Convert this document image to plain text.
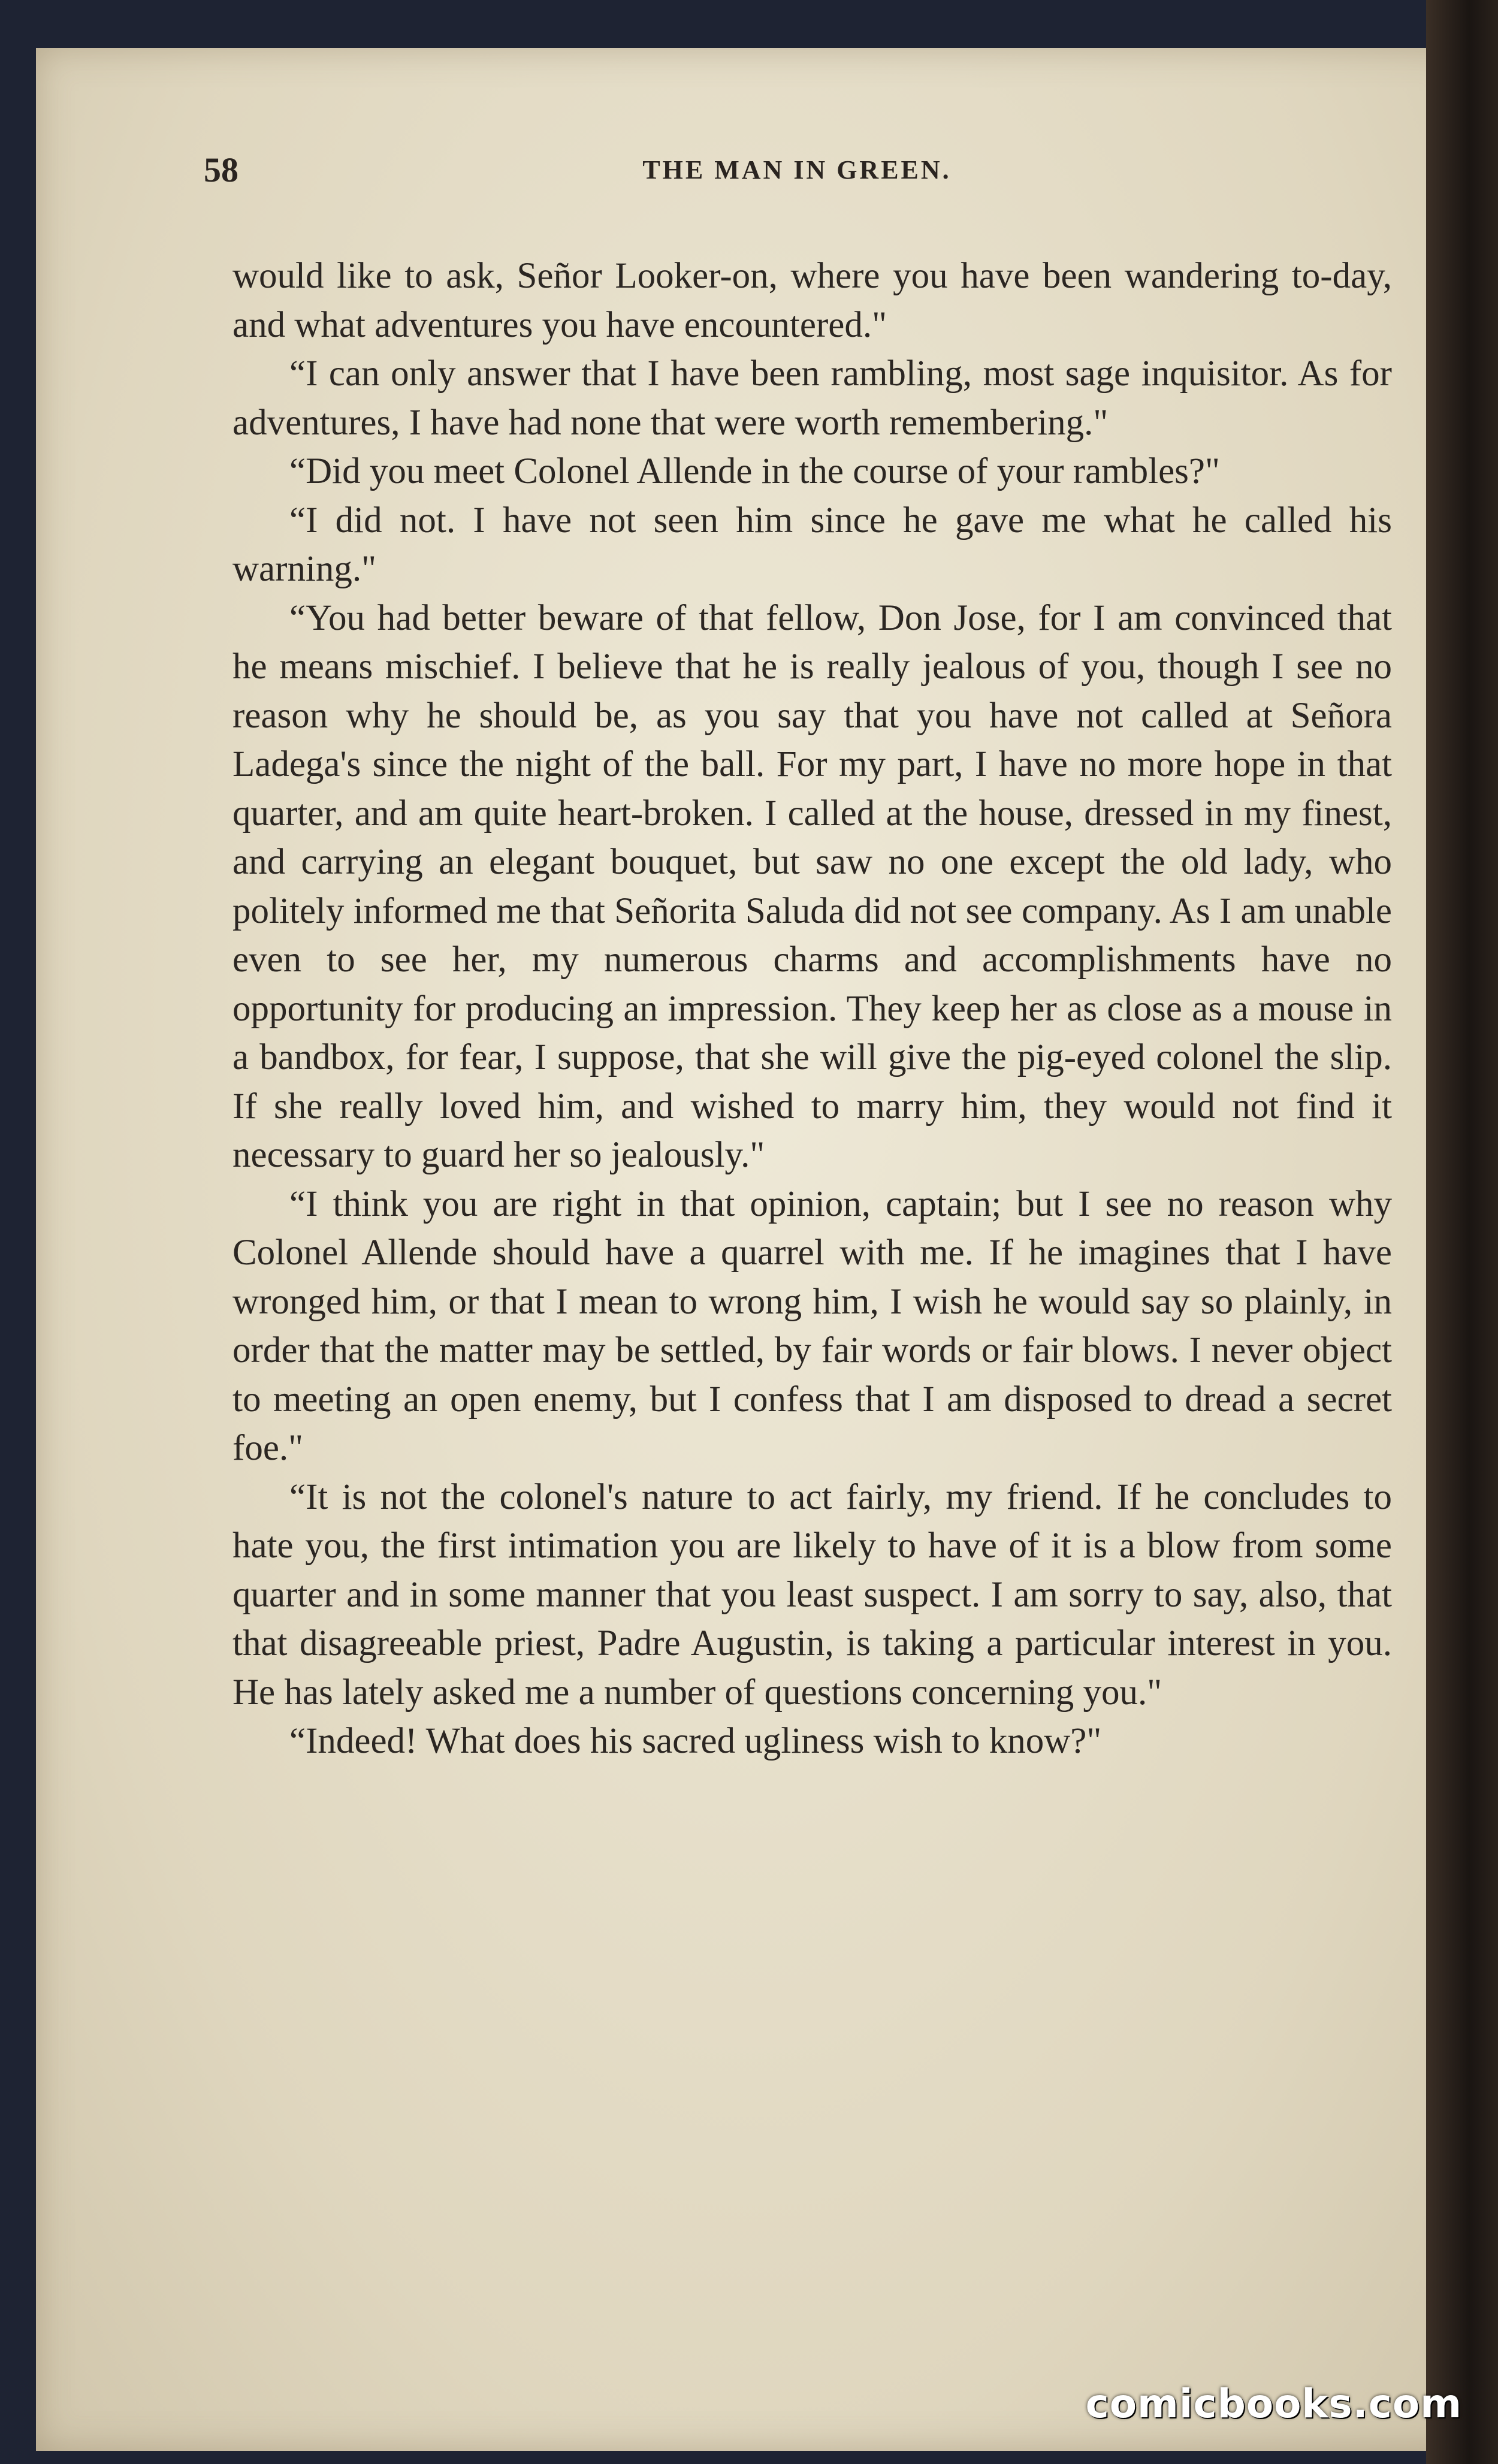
58	THE MAN IN GREEN.

would like to ask, Señor Looker-on, where you have been wandering to-day, and what adventures you have encountered."

“I can only answer that I have been rambling, most sage inquisitor. As for adventures, I have had none that were worth remembering."

“Did you meet Colonel Allende in the course of your rambles?"

“I did not. I have not seen him since he gave me what he called his warning."

“You had better beware of that fellow, Don Jose, for I am convinced that he means mischief. I believe that he is really jealous of you, though I see no reason why he should be, as you say that you have not called at Señora Ladega's since the night of the ball. For my part, I have no more hope in that quarter, and am quite heart-broken. I called at the house, dressed in my finest, and carrying an elegant bouquet, but saw no one except the old lady, who politely informed me that Señorita Saluda did not see company. As I am unable even to see her, my numerous charms and accomplishments have no opportunity for producing an impression. They keep her as close as a mouse in a bandbox, for fear, I suppose, that she will give the pig-eyed colonel the slip. If she really loved him, and wished to marry him, they would not find it necessary to guard her so jealously."

“I think you are right in that opinion, captain; but I see no reason why Colonel Allende should have a quarrel with me. If he imagines that I have wronged him, or that I mean to wrong him, I wish he would say so plainly, in order that the matter may be settled, by fair words or fair blows. I never object to meeting an open enemy, but I confess that I am disposed to dread a secret foe."

“It is not the colonel's nature to act fairly, my friend. If he concludes to hate you, the first intimation you are likely to have of it is a blow from some quarter and in some manner that you least suspect. I am sorry to say, also, that that disagreeable priest, Padre Augustin, is taking a particular interest in you. He has lately asked me a number of questions concerning you."

“Indeed! What does his sacred ugliness wish to know?"

comicbooks.com
